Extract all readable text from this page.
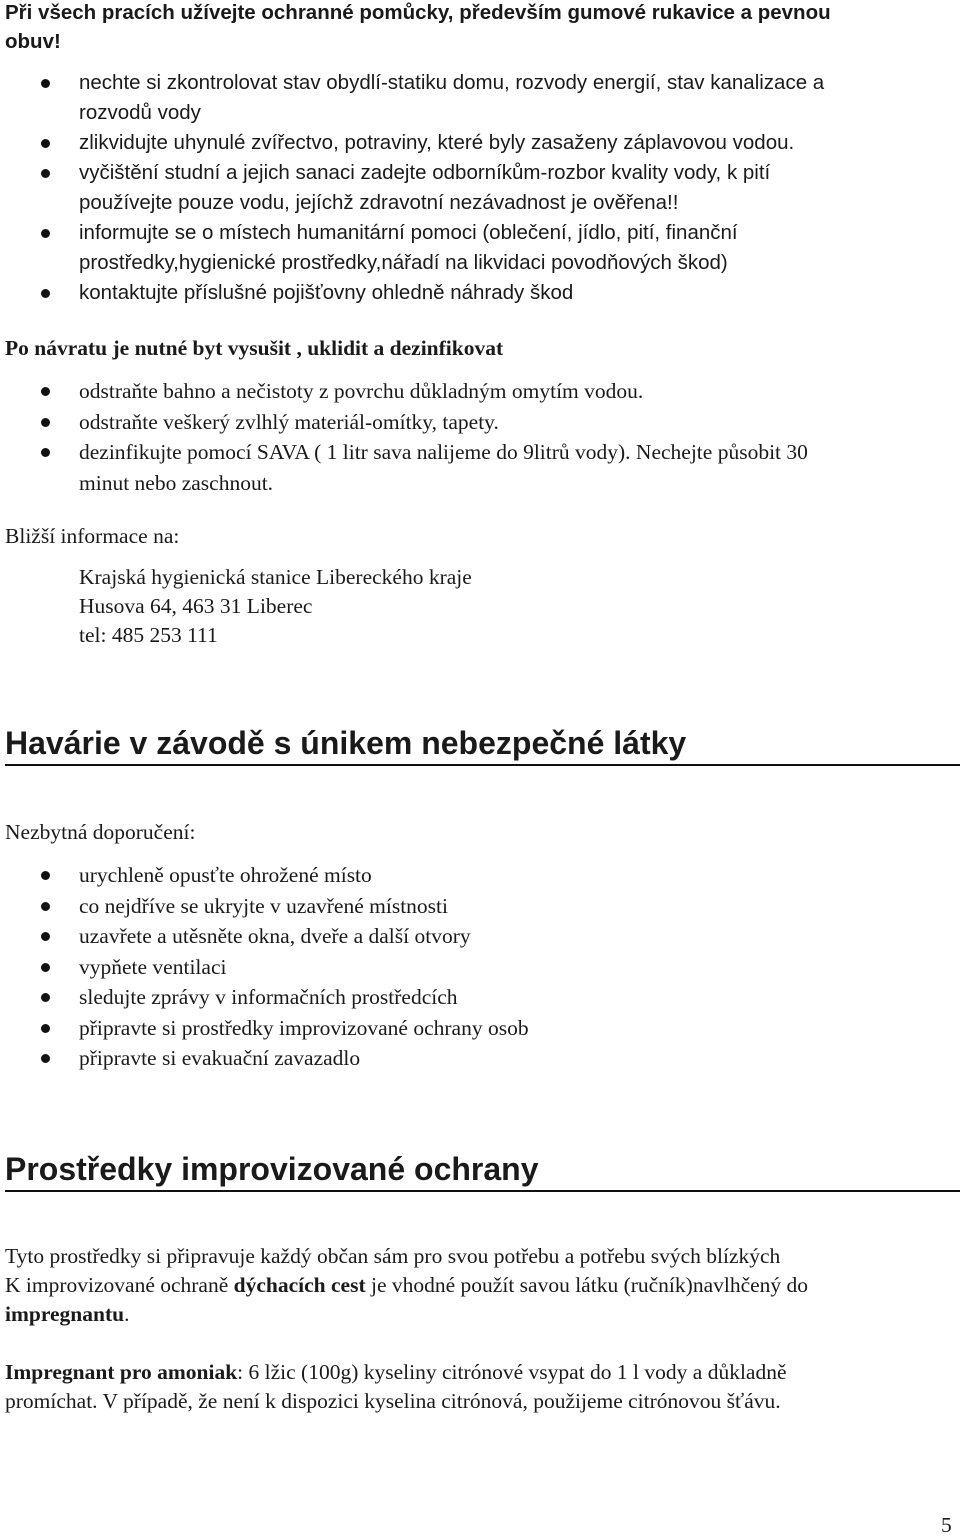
Při všech pracích užívejte ochranné pomůcky, především gumové rukavice a pevnou
obuv!
nechte si zkontrolovat stav obydlí-statiku domu, rozvody energií, stav kanalizace a
rozvodů vody
zlikvidujte uhynulé zvířectvo, potraviny, které byly zasaženy záplavovou vodou.
vyčištění studní a jejich sanaci zadejte odborníkům-rozbor kvality vody, k pití
používejte pouze vodu, jejíchž zdravotní nezávadnost je ověřena!!
informujte se o místech humanitární pomoci (oblečení, jídlo, pití, finanční
prostředky,hygienické prostředky,nářadí na likvidaci povodňových škod)
kontaktujte příslušné pojišťovny ohledně náhrady škod
Po návratu je nutné byt vysušit , uklidit a dezinfikovat
odstraňte bahno a nečistoty z povrchu důkladným omytím vodou.
odstraňte veškerý zvlhlý materiál-omítky, tapety.
dezinfikujte pomocí SAVA ( 1 litr sava nalijeme do 9litrů vody). Nechejte působit 30
minut nebo zaschnout.
Bližší informace na:
Krajská hygienická stanice Libereckého kraje
Husova 64, 463 31 Liberec
tel: 485 253 111
Havárie v závodě s únikem nebezpečné látky
Nezbytná doporučení:
urychleně opusťte ohrožené místo
co nejdříve se ukryjte v uzavřené místnosti
uzavřete a utěsněte okna, dveře a další otvory
vypňete ventilaci
sledujte zprávy v informačních prostředcích
připravte si prostředky improvizované ochrany osob
připravte si evakuační zavazadlo
Prostředky improvizované ochrany
Tyto prostředky si připravuje každý občan sám pro svou potřebu a potřebu svých blízkých
K improvizované ochraně dýchacích cest je vhodné použít savou látku (ručník)navlhčený do
impregnantu.
Impregnant pro amoniak: 6 lžic (100g) kyseliny citrónové vsypat do 1 l vody a důkladně
promíchat. V případě, že není k dispozici kyselina citrónová, použijeme citrónovou šťávu.
5
